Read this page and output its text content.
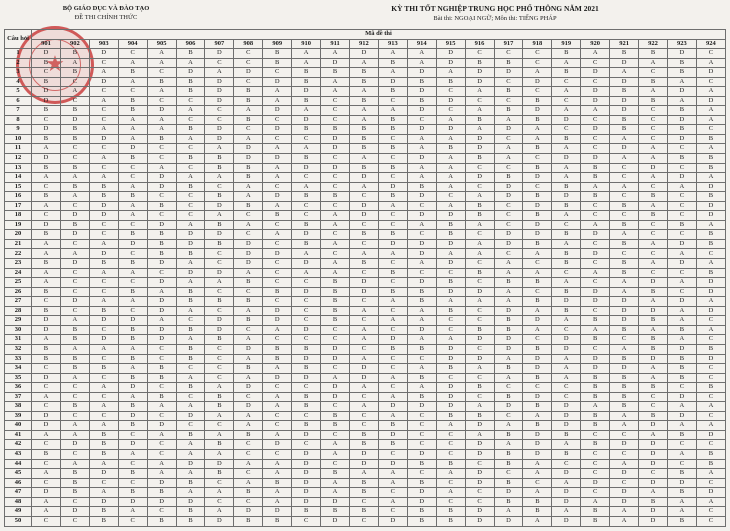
★
BỘ GIÁO DỤC VÀ ĐÀO TẠO
ĐỀ THI CHÍNH THỨC
KỲ THI TỐT NGHIỆP TRUNG HỌC PHỔ THÔNG NĂM 2021
Bài thi: NGOẠI NGỮ; Môn thi: TIẾNG PHÁP
Câu hỏi	Mã đề thi																							
	901	902	903	904	905	906	907	908	909	910	911	912	913	914	915	916	917	918	919	920	921	922	923	924
1	D	B	D	C	A	B	D	C	B	A	A	D	A	A	D	C	C	C	B	A	B	B	D	C
2	B	A	C	A	A	A	C	C	B	A	D	A	B	A	D	B	B	C	A	C	D	A	B	A
3	C	B	A	B	C	D	A	D	C	B	B	B	A	D	A	D	D	A	B	D	A	C	B	D
4	B	C	D	A	B	B	D	C	D	B	A	B	D	B	B	D	C	D	C	C	D	B	A	C
5	D	A	C	C	A	B	D	B	A	D	A	A	B	D	C	A	B	C	A	D	B	A	D	A
6	D	C	A	B	C	C	D	B	A	B	C	B	C	B	D	C	C	B	C	D	D	B	A	D
7	B	B	C	B	D	A	C	A	D	A	C	A	A	D	C	A	B	D	A	A	D	C	B	A
8	C	D	C	A	A	C	C	B	C	D	C	A	B	C	A	B	A	B	D	C	B	C	D	A
9	D	B	A	A	A	B	D	C	D	B	B	B	B	D	D	A	D	A	C	D	B	C	B	C
10	B	B	D	A	B	A	D	A	C	C	D	B	C	A	A	D	C	A	B	C	A	C	D	B
11	A	C	C	D	C	C	A	D	A	A	D	B	B	A	B	D	A	B	A	C	D	A	C	A
12	D	C	A	B	C	B	B	D	D	B	C	A	C	D	A	B	A	C	D	D	A	A	B	B
13	B	B	C	C	A	C	B	B	A	D	D	B	B	A	A	C	C	B	A	B	C	D	C	B
14	A	A	A	C	D	A	A	B	A	C	C	D	C	A	A	D	B	D	A	B	C	A	D	A
15	C	B	B	A	D	B	C	A	C	A	C	A	D	B	A	C	D	C	B	A	A	C	A	D
16	B	A	B	B	C	C	B	A	D	B	B	C	B	D	C	A	D	B	D	B	C	B	C	B
17	A	C	D	A	B	C	D	B	A	C	C	D	A	C	A	B	C	D	B	C	B	A	C	D
18	C	D	D	A	C	C	A	C	B	C	A	D	C	D	D	B	C	B	A	C	C	B	C	D
19	D	B	C	C	D	A	B	A	C	B	A	C	C	A	B	A	C	D	C	A	B	C	B	A
20	B	D	C	B	B	D	D	C	A	D	C	B	B	C	B	C	D	D	B	D	A	C	C	B
21	A	C	A	D	B	D	B	D	C	B	A	C	D	D	D	A	D	B	A	C	B	A	D	B
22	A	A	D	C	B	B	C	D	D	A	C	A	A	D	A	A	C	A	B	D	C	C	A	C
23	B	D	B	B	D	A	C	D	C	D	A	B	C	A	D	C	A	C	B	C	B	A	D	A
24	A	C	A	A	C	D	D	A	C	A	A	C	B	C	C	B	A	A	C	A	B	C	C	B
25	A	C	C	C	D	A	A	B	C	C	B	D	C	D	B	C	B	B	A	C	A	D	A	D
26	B	C	C	B	A	B	C	C	B	D	B	D	B	B	D	D	A	C	B	D	A	B	C	D
27	C	D	A	A	D	B	B	B	C	C	B	C	A	B	A	A	A	B	D	D	D	A	D	A
28	B	C	B	C	D	A	C	A	D	C	B	A	C	A	B	C	D	A	B	C	D	D	A	D
29	D	A	D	D	A	C	D	B	D	C	B	C	A	A	C	C	B	D	A	B	D	B	A	C
30	D	B	C	B	D	B	D	C	A	D	C	A	C	D	C	B	B	A	C	A	B	A	B	A
31	A	B	D	B	D	A	B	A	C	C	C	A	D	A	A	D	D	C	D	B	C	B	A	C
32	B	A	A	A	C	B	C	D	B	B	D	C	B	B	D	C	D	B	D	C	A	B	D	B
33	B	B	C	B	C	B	C	A	B	D	D	A	C	C	D	D	A	D	A	D	B	D	B	D
34	C	B	B	A	B	C	C	B	A	B	C	D	C	A	B	A	B	D	A	D	D	A	B	C
35	D	A	C	B	B	A	C	A	D	D	A	D	A	B	C	C	A	B	A	B	B	A	B	C
36	C	C	A	D	C	B	A	D	C	C	D	A	C	A	D	B	C	C	C	B	B	B	C	B
37	A	C	C	A	B	C	B	C	A	B	D	C	A	B	D	C	B	D	C	B	B	C	D	C
38	C	B	A	B	A	A	B	D	A	B	C	A	D	D	D	A	D	B	D	A	B	C	A	A
39	D	C	C	D	C	D	A	A	C	C	B	C	A	C	B	B	C	A	D	B	A	B	D	C
40	D	A	A	B	D	C	C	A	C	B	B	C	B	C	A	D	A	B	D	B	A	D	A	A
41	A	A	B	C	A	B	A	B	A	D	C	B	D	C	C	A	B	D	B	C	C	A	B	D
42	C	D	B	D	C	A	B	C	D	C	A	B	B	C	C	D	A	D	A	B	D	D	C	C
43	B	C	B	A	C	A	A	C	C	D	A	D	C	D	C	D	B	D	B	C	C	D	A	B
44	C	A	A	C	A	D	D	A	A	D	C	D	D	B	B	C	B	A	C	C	A	D	C	B
45	A	B	D	B	A	A	B	C	A	D	B	A	A	C	A	D	C	A	D	C	D	C	B	A
46	C	B	C	C	D	B	C	A	B	D	A	B	A	B	C	D	B	C	A	D	C	D	D	C
47	D	B	A	B	B	A	A	B	A	D	A	B	C	D	A	C	D	A	D	C	D	A	B	D
48	A	C	D	D	D	D	C	C	A	D	D	C	A	D	C	C	B	B	D	A	D	B	A	A
49	A	D	B	A	C	B	A	D	D	B	B	B	C	B	B	D	A	B	A	B	A	D	A	C
50	C	C	B	C	B	B	D	B	B	C	D	C	D	B	B	D	D	A	D	B	A	D	B	C
